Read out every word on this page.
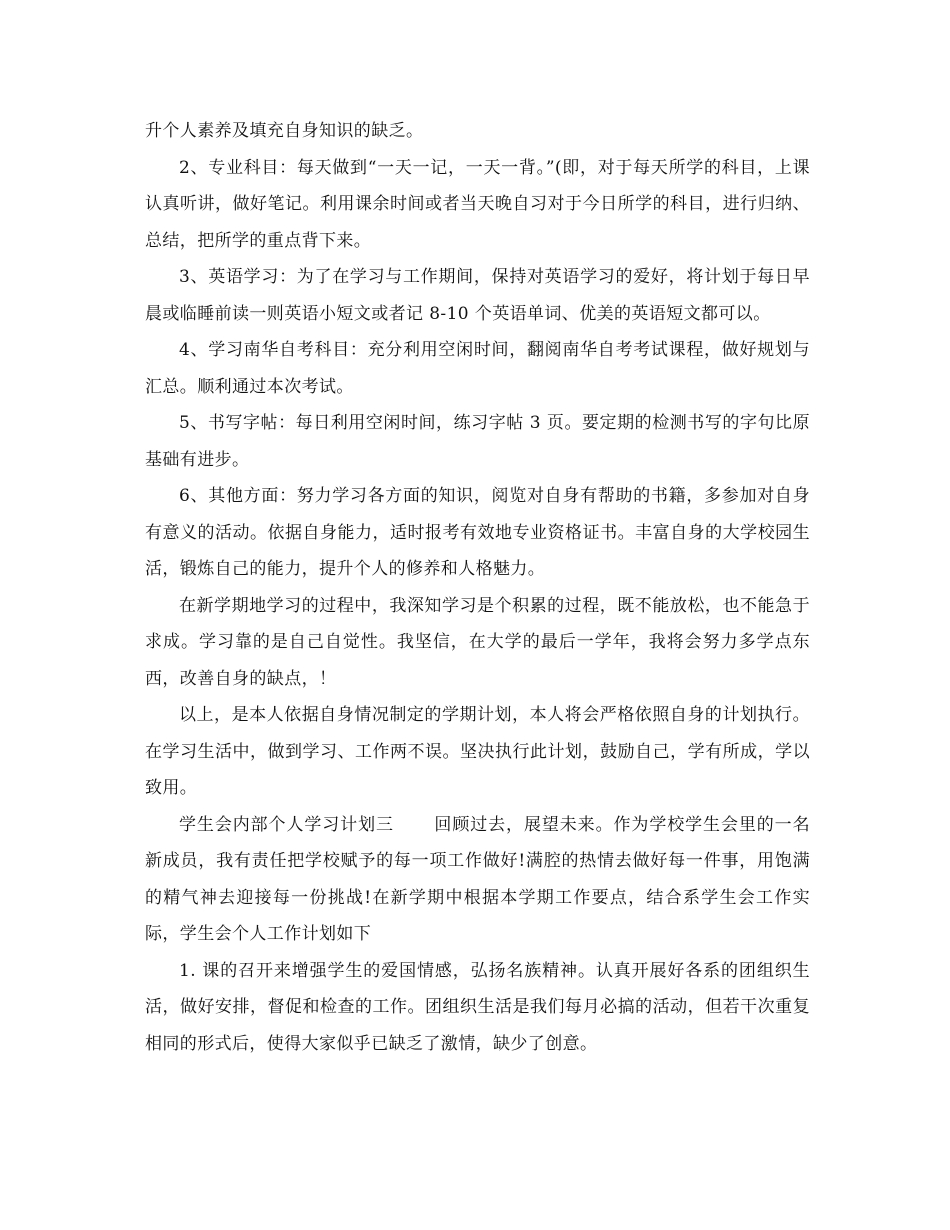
升个人素养及填充自身知识的缺乏。

2、专业科目：每天做到“一天一记，一天一背。”(即，对于每天所学的科目，上课认真听讲，做好笔记。利用课余时间或者当天晚自习对于今日所学的科目，进行归纳、总结，把所学的重点背下来。

3、英语学习：为了在学习与工作期间，保持对英语学习的爱好，将计划于每日早晨或临睡前读一则英语小短文或者记 8-10 个英语单词、优美的英语短文都可以。

4、学习南华自考科目：充分利用空闲时间，翻阅南华自考考试课程，做好规划与汇总。顺利通过本次考试。

5、书写字帖：每日利用空闲时间，练习字帖 3 页。要定期的检测书写的字句比原基础有进步。

6、其他方面：努力学习各方面的知识，阅览对自身有帮助的书籍，多参加对自身有意义的活动。依据自身能力，适时报考有效地专业资格证书。丰富自身的大学校园生活，锻炼自己的能力，提升个人的修养和人格魅力。

在新学期地学习的过程中，我深知学习是个积累的过程，既不能放松，也不能急于求成。学习靠的是自己自觉性。我坚信，在大学的最后一学年，我将会努力多学点东西，改善自身的缺点，！

以上，是本人依据自身情况制定的学期计划，本人将会严格依照自身的计划执行。在学习生活中，做到学习、工作两不误。坚决执行此计划，鼓励自己，学有所成，学以致用。

学生会内部个人学习计划三 回顾过去，展望未来。作为学校学生会里的一名新成员，我有责任把学校赋予的每一项工作做好!满腔的热情去做好每一件事，用饱满的精气神去迎接每一份挑战!在新学期中根据本学期工作要点，结合系学生会工作实际，学生会个人工作计划如下

1. 课的召开来增强学生的爱国情感，弘扬名族精神。认真开展好各系的团组织生活，做好安排，督促和检查的工作。团组织生活是我们每月必搞的活动，但若干次重复相同的形式后，使得大家似乎已缺乏了激情，缺少了创意。
